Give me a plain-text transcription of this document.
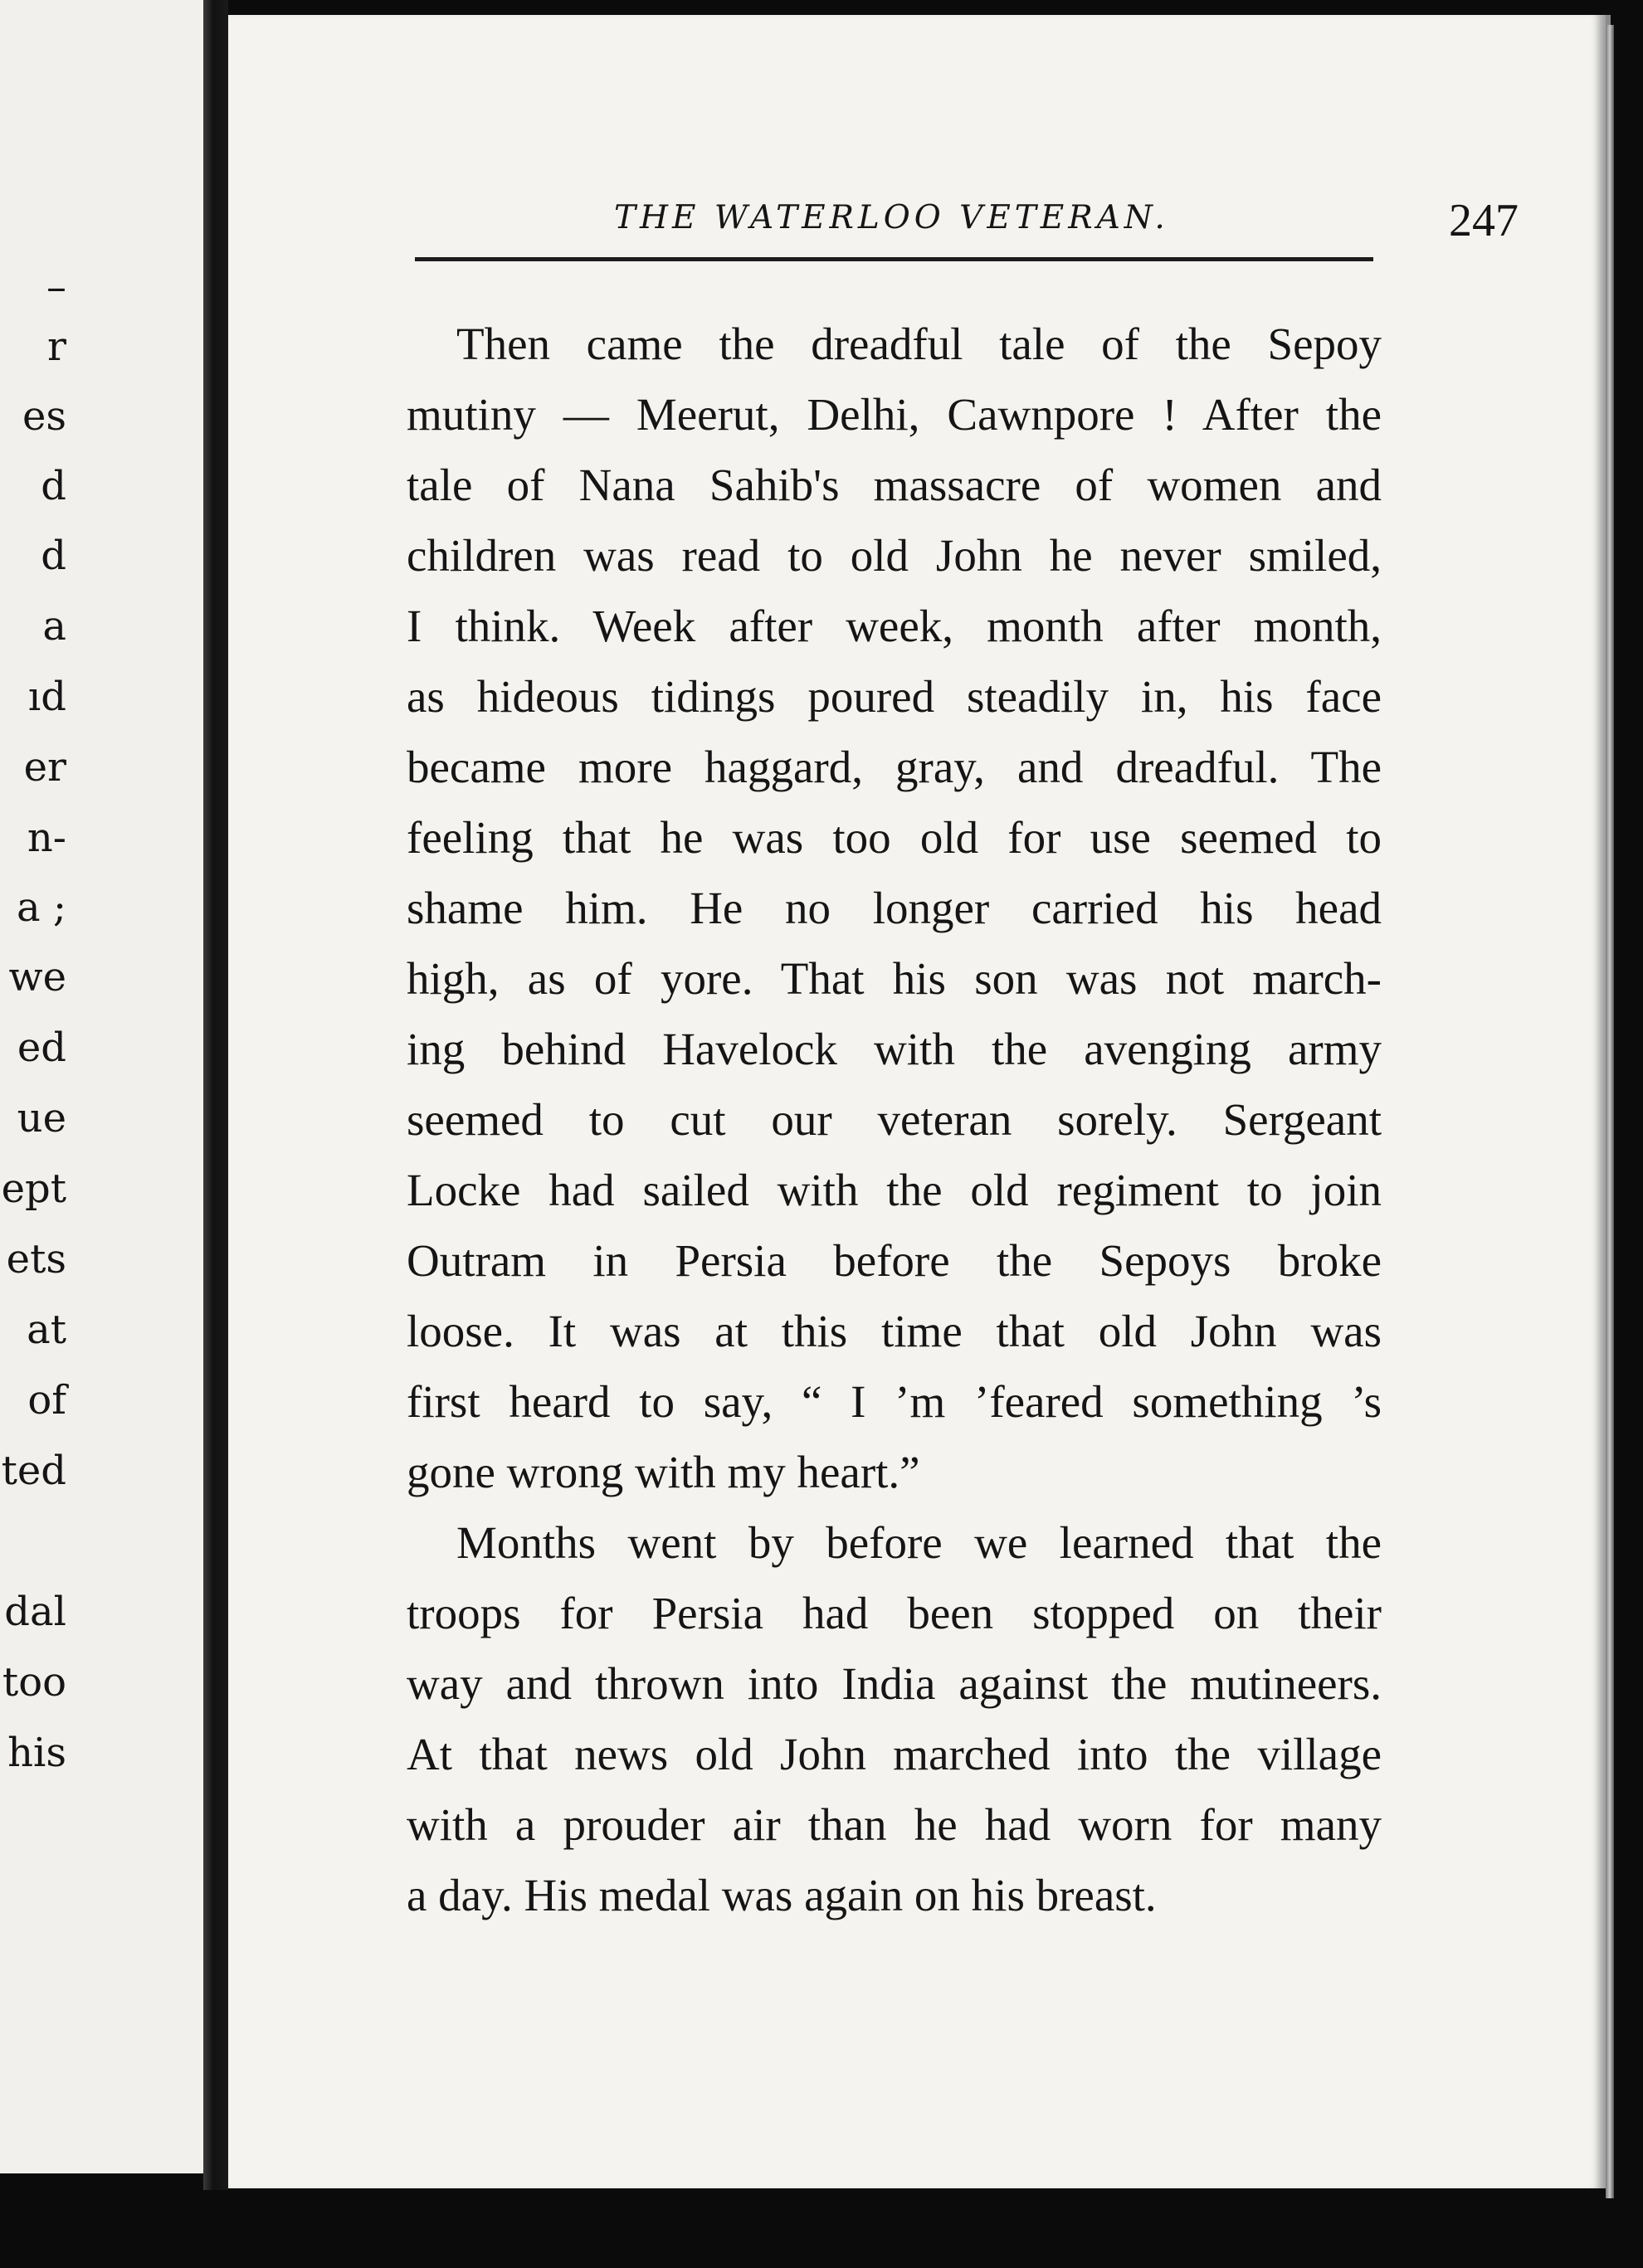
–
r
es
d
d
a
ıd
er
n-
a ;
we
ed
ue
ept
ets
at
of
ted
dal
too
his
THE WATERLOO VETERAN.	247
Then came the dreadful tale of the Sepoy
mutiny — Meerut, Delhi, Cawnpore ! After the
tale of Nana Sahib's massacre of women and
children was read to old John he never smiled,
I think. Week after week, month after month,
as hideous tidings poured steadily in, his face
became more haggard, gray, and dreadful. The
feeling that he was too old for use seemed to
shame him. He no longer carried his head
high, as of yore. That his son was not march-
ing behind Havelock with the avenging army
seemed to cut our veteran sorely. Sergeant
Locke had sailed with the old regiment to join
Outram in Persia before the Sepoys broke
loose. It was at this time that old John was
first heard to say, “ I ’m ’feared something ’s
gone wrong with my heart.”
Months went by before we learned that the
troops for Persia had been stopped on their
way and thrown into India against the mutineers.
At that news old John marched into the village
with a prouder air than he had worn for many
a day. His medal was again on his breast.
